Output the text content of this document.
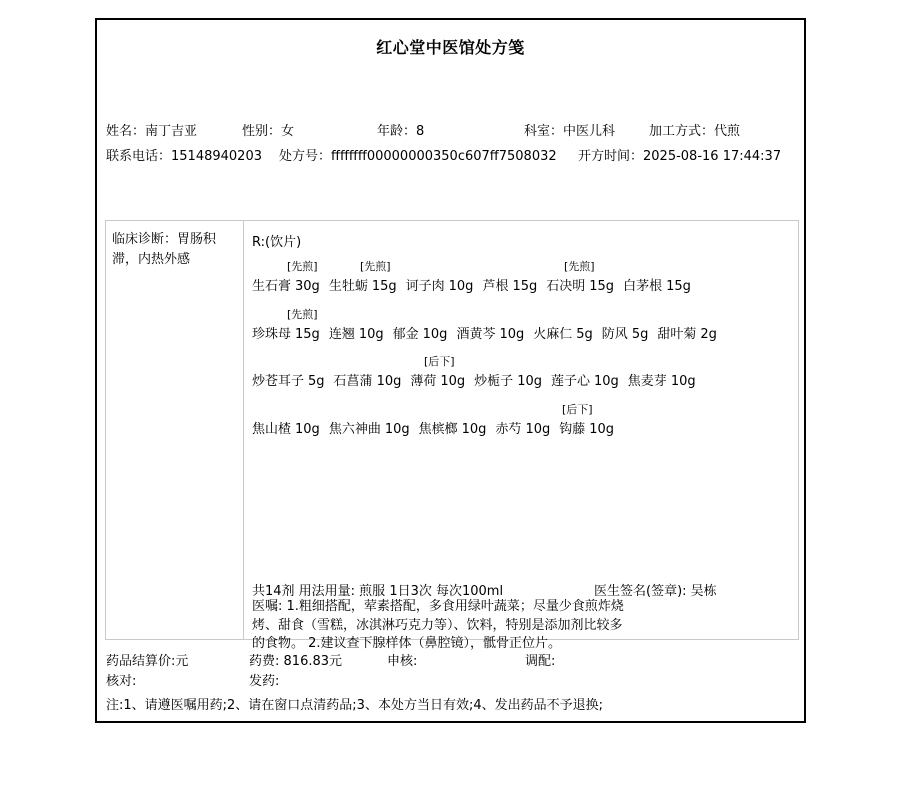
红心堂中医馆处方笺
姓名：南丁吉亚	性别：女	年龄：8	科室：中医儿科	加工方式：代煎
联系电话：15148940203 处方号：ffffffff00000000350c607ff7508032 开方时间：2025-08-16 17:44:37
临床诊断：胃肠积滞，内热外感
R:(饮片)
[先煎]	[先煎]	[先煎]
生石膏 30g 生牡蛎 15g 诃子肉 10g 芦根 15g 石决明 15g 白茅根 15g
[先煎]
珍珠母 15g 连翘 10g 郁金 10g 酒黄芩 10g 火麻仁 5g 防风 5g 甜叶菊 2g
[后下]
炒苍耳子 5g 石菖蒲 10g 薄荷 10g 炒栀子 10g 莲子心 10g 焦麦芽 10g
[后下]
焦山楂 10g 焦六神曲 10g 焦槟榔 10g 赤芍 10g 钩藤 10g
共14剂 用法用量: 煎服 1日3次 每次100ml	医生签名(签章): 吴栋
医嘱: 1.粗细搭配，荤素搭配，多食用绿叶蔬菜；尽量少食煎炸烧烤、甜食（雪糕，冰淇淋巧克力等）、饮料，特别是添加剂比较多的食物。 2.建议查下腺样体（鼻腔镜），骶骨正位片。
药品结算价:元	药费: 816.83元	申核:	调配:
核对:	发药:
注:1、请遵医嘱用药;2、请在窗口点清药品;3、本处方当日有效;4、发出药品不予退换;
